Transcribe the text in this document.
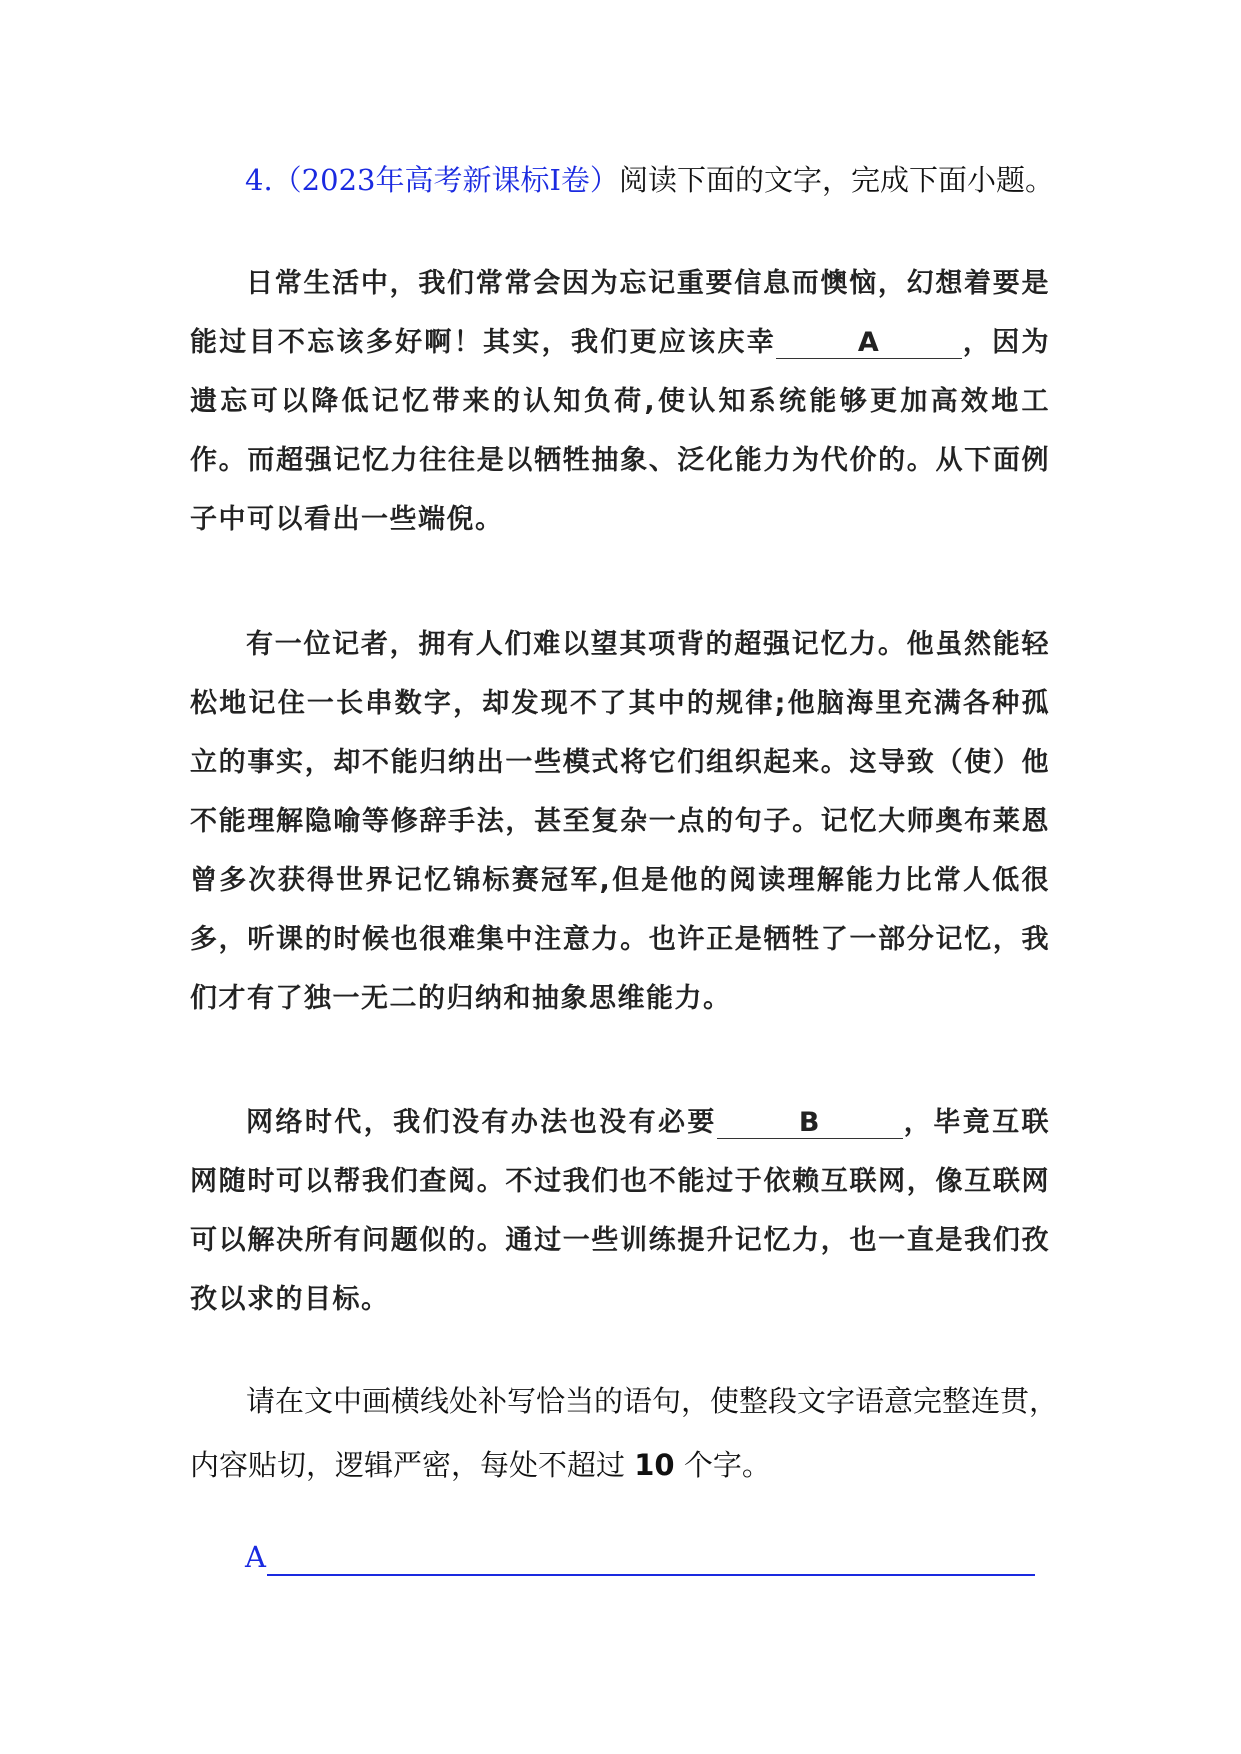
4.（2023年高考新课标Ⅰ卷）阅读下面的文字，完成下面小题。
日常生活中，我们常常会因为忘记重要信息而懊恼，幻想着要是能过目不忘该多好啊！其实，我们更应该庆幸	A	，因为遗忘可以降低记忆带来的认知负荷,使认知系统能够更加高效地工作。而超强记忆力往往是以牺牲抽象、泛化能力为代价的。从下面例子中可以看出一些端倪。
有一位记者，拥有人们难以望其项背的超强记忆力。他虽然能轻松地记住一长串数字，却发现不了其中的规律;他脑海里充满各种孤立的事实，却不能归纳出一些模式将它们组织起来。这导致（使）他不能理解隐喻等修辞手法，甚至复杂一点的句子。记忆大师奥布莱恩曾多次获得世界记忆锦标赛冠军,但是他的阅读理解能力比常人低很多，听课的时候也很难集中注意力。也许正是牺牲了一部分记忆，我们才有了独一无二的归纳和抽象思维能力。
网络时代，我们没有办法也没有必要	B	，毕竟互联网随时可以帮我们查阅。不过我们也不能过于依赖互联网，像互联网可以解决所有问题似的。通过一些训练提升记忆力，也一直是我们孜孜以求的目标。
请在文中画横线处补写恰当的语句，使整段文字语意完整连贯，内容贴切，逻辑严密，每处不超过 10 个字。
A
